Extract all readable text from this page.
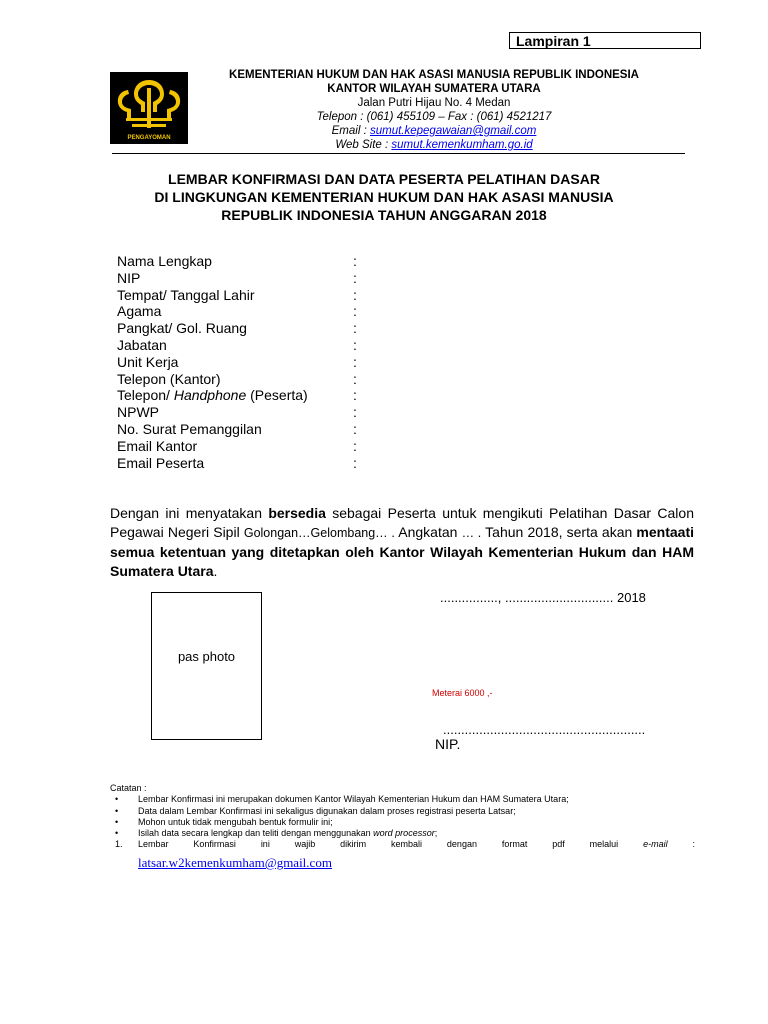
Lampiran 1
PENGAYOMAN
KEMENTERIAN HUKUM DAN HAK ASASI MANUSIA REPUBLIK INDONESIA
KANTOR WILAYAH SUMATERA UTARA
Jalan Putri Hijau No. 4 Medan
Telepon : (061) 455109 – Fax : (061) 4521217
Email : sumut.kepegawaian@gmail.com
Web Site : sumut.kemenkumham.go.id
LEMBAR KONFIRMASI DAN DATA PESERTA PELATIHAN DASAR
DI LINGKUNGAN KEMENTERIAN HUKUM DAN HAK ASASI MANUSIA
REPUBLIK INDONESIA TAHUN ANGGARAN 2018
Nama Lengkap	:
NIP	:
Tempat/ Tanggal Lahir	:
Agama	:
Pangkat/ Gol. Ruang	:
Jabatan	:
Unit Kerja	:
Telepon (Kantor)	:
Telepon/ Handphone (Peserta)	:
NPWP	:
No. Surat Pemanggilan	:
Email Kantor	:
Email Peserta	:
Dengan ini menyatakan bersedia sebagai Peserta untuk mengikuti Pelatihan Dasar Calon Pegawai Negeri Sipil Golongan…Gelombang… . Angkatan … . Tahun 2018, serta akan mentaati semua ketentuan yang ditetapkan oleh Kantor Wilayah Kementerian Hukum dan HAM Sumatera Utara.
pas photo
................, .............................. 2018
Meterai 6000 ,-
........................................................
NIP.
Catatan :
• Lembar Konfirmasi ini merupakan dokumen Kantor Wilayah Kementerian Hukum dan HAM Sumatera Utara;
• Data dalam Lembar Konfirmasi ini sekaligus digunakan dalam proses registrasi peserta Latsar;
• Mohon untuk tidak mengubah bentuk formulir ini;
• Isilah data secara lengkap dan teliti dengan menggunakan word processor;
1. Lembar	Konfirmasi	ini	wajib	dikirim	kembali	dengan	format	pdf	melalui	e-mail	:
latsar.w2kemenkumham@gmail.com
